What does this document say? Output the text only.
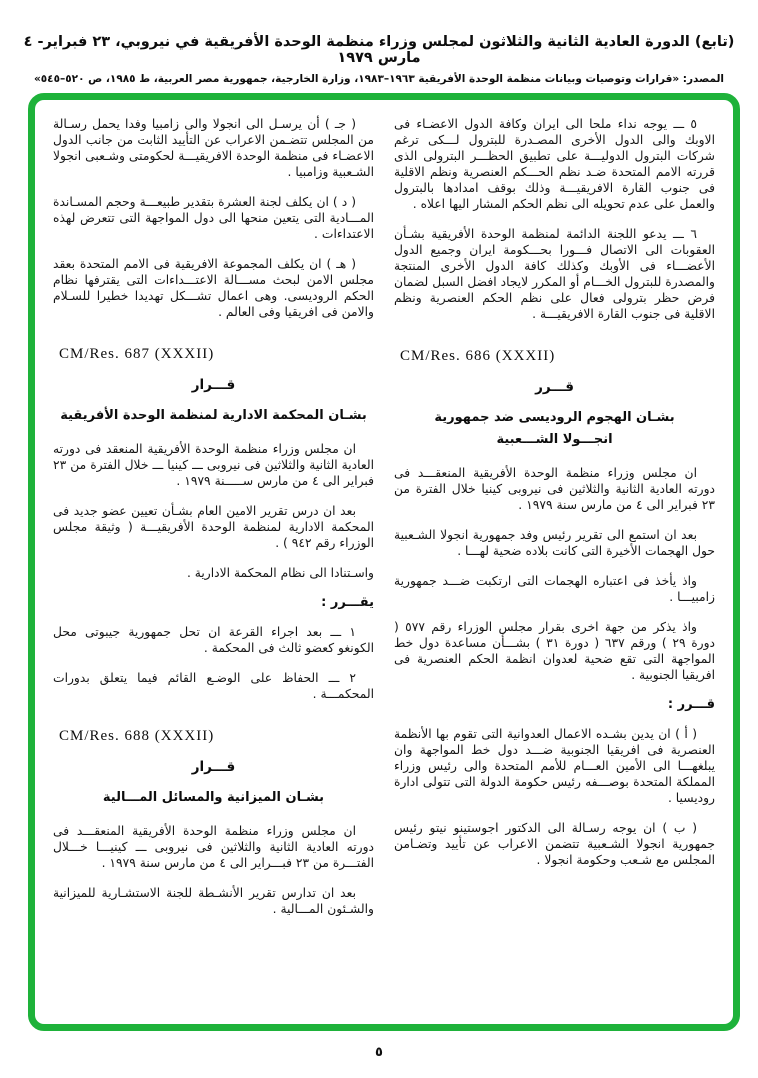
(تابع) الدورة العادية الثانية والثلاثون لمجلس وزراء منظمة الوحدة الأفريقية في نيروبي، ٢٣ فبراير- ٤ مارس ١٩٧٩
المصدر: «قرارات وتوصيات وبيانات منظمة الوحدة الأفريقية ١٩٦٣–١٩٨٣، وزارة الخارجية، جمهورية مصر العربية، ط ١٩٨٥، ص ٥٢٠–٥٤٥»

٥ ـــ يوجه نداء ملحا الى ايران وكافة الدول الاعضـاء فى الاوبك والى الدول الأخرى المصـدرة للبترول لـــكى ترغم شركات البترول الدوليـــة على تطبيق الحظـــر البترولى الذى قررته الامم المتحدة ضـد نظم الحـــكم العنصرية ونظم الاقلية فى جنوب القارة الافريقيـــة وذلك بوقف امدادها بالبترول والعمل على عدم تحويله الى نظم الحكم المشار اليها اعلاه .

٦ ـــ يدعو اللجنة الدائمة لمنظمة الوحدة الأفريقية بشـأن العقوبات الى الاتصال فـــورا بحـــكومة ايران وجميع الدول الأعضـــاء فى الأوبك وكذلك كافة الدول الأخرى المنتجة والمصدرة للبترول الخـــام أو المكرر لايجاد افضل السبل لضمان فرض حظر بترولى فعال على نظم الحكم العنصرية ونظم الاقلية فى جنوب القارة الافريقيـــة .

CM/Res. 686 (XXXII)
قـــرر
بشـان الهجوم الروديسى ضد جمهورية
انجـــولا الشـــعبية

ان مجلس وزراء منظمة الوحدة الأفريقية المنعقـــد فى دورته العادية الثانية والثلاثين فى نيروبى كينيا خلال الفترة من ٢٣ فبراير الى ٤ من مارس سنة ١٩٧٩ .

بعد ان استمع الى تقرير رئيس وفد جمهورية انجولا الشـعبية حول الهجمات الأخيرة التى كانت بلاده ضحية لهـــا .

واذ يأخذ فى اعتباره الهجمات التى ارتكبت ضـــد جمهورية زامبيـــا .

واذ يذكر من جهة اخرى بقرار مجلس الوزراء رقم ٥٧٧ ( دورة ٢٩ ) ورقم ٦٣٧ ( دورة ٣١ ) بشـــأن مساعدة دول خط المواجهة التى تقع ضحية لعدوان انظمة الحكم العنصرية فى افريقيا الجنوبية .

قـــرر :

( أ ) ان يدين بشـده الاعمال العدوانية التى تقوم بها الأنظمة العنصرية فى افريقيا الجنوبية ضـــد دول خط المواجهة وان يبلغهـــا الى الأمين العـــام للأمم المتحدة والى رئيس وزراء المملكة المتحدة بوصـــفه رئيس حكومة الدولة التى تتولى ادارة روديسيا .

( ب ) ان يوجه رسـالة الى الدكتور اجوستينو نيتو رئيس جمهورية انجولا الشـعبية تتضمن الاعراب عن تأييد وتضـامن المجلس مع شـعب وحكومة انجولا .

( جـ ) أن يرسـل الى انجولا والى زامبيا وفدا يحمل رسـالة من المجلس تتضـمن الاعراب عن التأييد الثابت من جانب الدول الاعضـاء فى منظمة الوحدة الافريقيـــة لحكومتى وشـعبى انجولا الشـعبية وزامبيا .

( د ) ان يكلف لجنة العشرة بتقدير طبيعـــة وحجم المسـاندة المـــادية التى يتعين منحها الى دول المواجهة التى تتعرض لهذه الاعتداءات .

( هـ ) ان يكلف المجموعة الافريقية فى الامم المتحدة بعقد مجلس الامن لبحث مســـالة الاعتـــداءات التى يقترفها نظام الحكم الروديسى. وهى اعمال تشـــكل تهديدا خطيرا للسـلام والامن فى افريقيا وفى العالم .

CM/Res. 687 (XXXII)
قـــرار
بشـان المحكمة الادارية لمنظمة الوحدة الأفريقية

ان مجلس وزراء منظمة الوحدة الأفريقية المنعقد فى دورته العادية الثانية والثلاثين فى نيروبى ـــ كينيا ـــ خلال الفترة من ٢٣ فبراير الى ٤ من مارس ســـــنة ١٩٧٩ .

بعد ان درس تقرير الامين العام بشـأن تعيين عضو جديد فى المحكمة الادارية لمنظمة الوحدة الأفريقيـــة ( وثيقة مجلس الوزراء رقم ٩٤٢ ) .

واسـتنادا الى نظام المحكمة الادارية .

يقـــرر :

١ ـــ بعد اجراء القرعة ان تحل جمهورية جيبوتى محل الكونغو كعضو ثالث فى المحكمة .

٢ ـــ الحفاظ على الوضـع القائم فيما يتعلق بدورات المحكمـــة .

CM/Res. 688 (XXXII)
قـــرار
بشـان الميزانية والمسائل المـــالية

ان مجلس وزراء منظمة الوحدة الأفريقية المنعقـــد فى دورته العادية الثانية والثلاثين فى نيروبى ـــ كينيـــا خـــلال الفتـــرة من ٢٣ فبـــراير الى ٤ من مارس سنة ١٩٧٩ .

بعد ان تدارس تقرير الأنشـطة للجنة الاستشـارية للميزانية والشـئون المـــالية .

٥
